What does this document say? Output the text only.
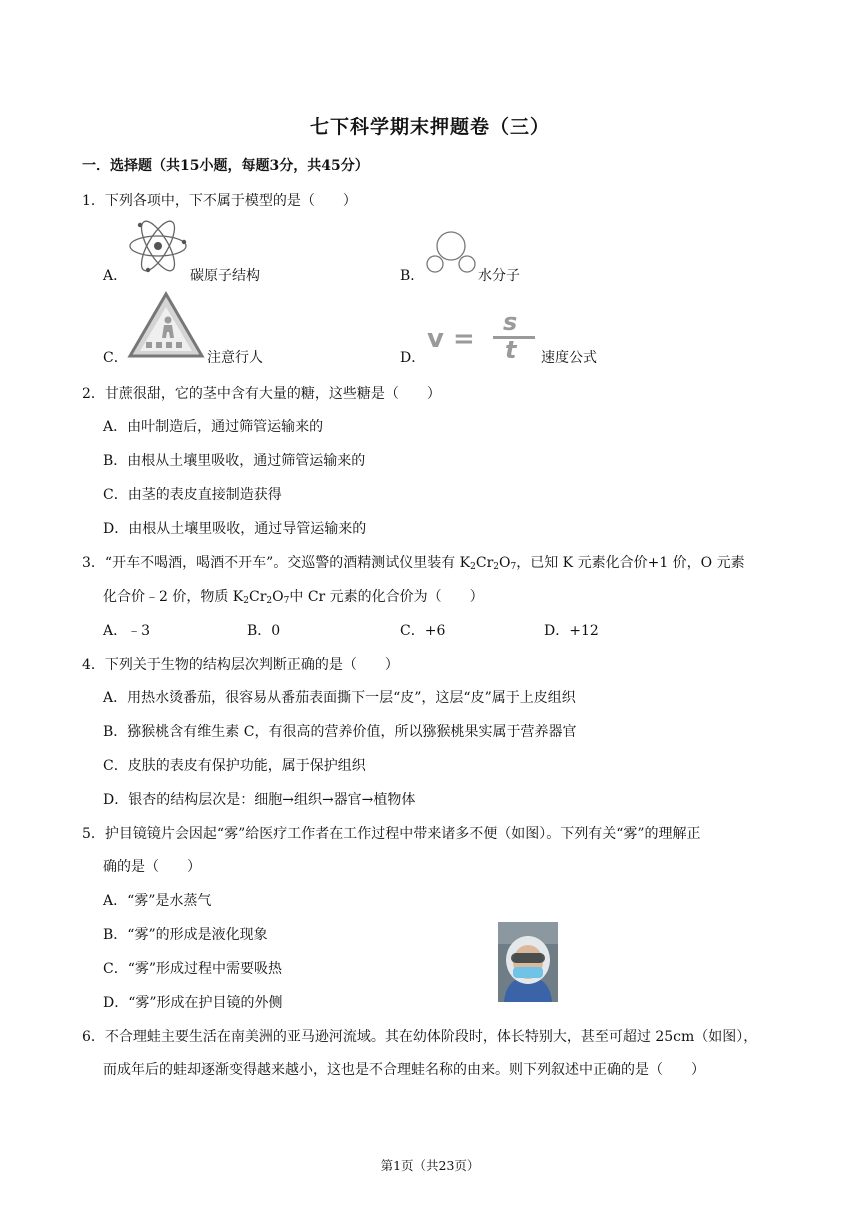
七下科学期末押题卷（三）
一．选择题（共15小题，每题3分，共45分）
1．下列各项中，下不属于模型的是（　　）
A．	碳原子结构	B．	水分子
C．	注意行人	D．
v =
s
t 速度公式
2．甘蔗很甜，它的茎中含有大量的糖，这些糖是（　　）
A．由叶制造后，通过筛管运输来的
B．由根从土壤里吸收，通过筛管运输来的
C．由茎的表皮直接制造获得
D．由根从土壤里吸收，通过导管运输来的
3．“开车不喝酒，喝酒不开车”。交巡警的酒精测试仪里装有 $K_2Cr_2O_7$，已知 K 元素化合价+1 价，O 元素
化合价﹣2 价，物质 $K_2Cr_2O_7$中 Cr 元素的化合价为（　　）
A．﹣3	B．0	C．+6	D．+12
4．下列关于生物的结构层次判断正确的是（　　）
A．用热水烫番茄，很容易从番茄表面撕下一层“皮”，这层“皮”属于上皮组织
B．猕猴桃含有维生素 C，有很高的营养价值，所以猕猴桃果实属于营养器官
C．皮肤的表皮有保护功能，属于保护组织
D．银杏的结构层次是：细胞→组织→器官→植物体
5．护目镜镜片会因起“雾”给医疗工作者在工作过程中带来诸多不便（如图）。下列有关“雾”的理解正
确的是（　　）
A．“雾”是水蒸气
B．“雾”的形成是液化现象
C．“雾”形成过程中需要吸热
D．“雾”形成在护目镜的外侧
6．不合理蛙主要生活在南美洲的亚马逊河流域。其在幼体阶段时，体长特别大，甚至可超过 25cm（如图），
而成年后的蛙却逐渐变得越来越小，这也是不合理蛙名称的由来。则下列叙述中正确的是（　　）
第1页（共23页）
